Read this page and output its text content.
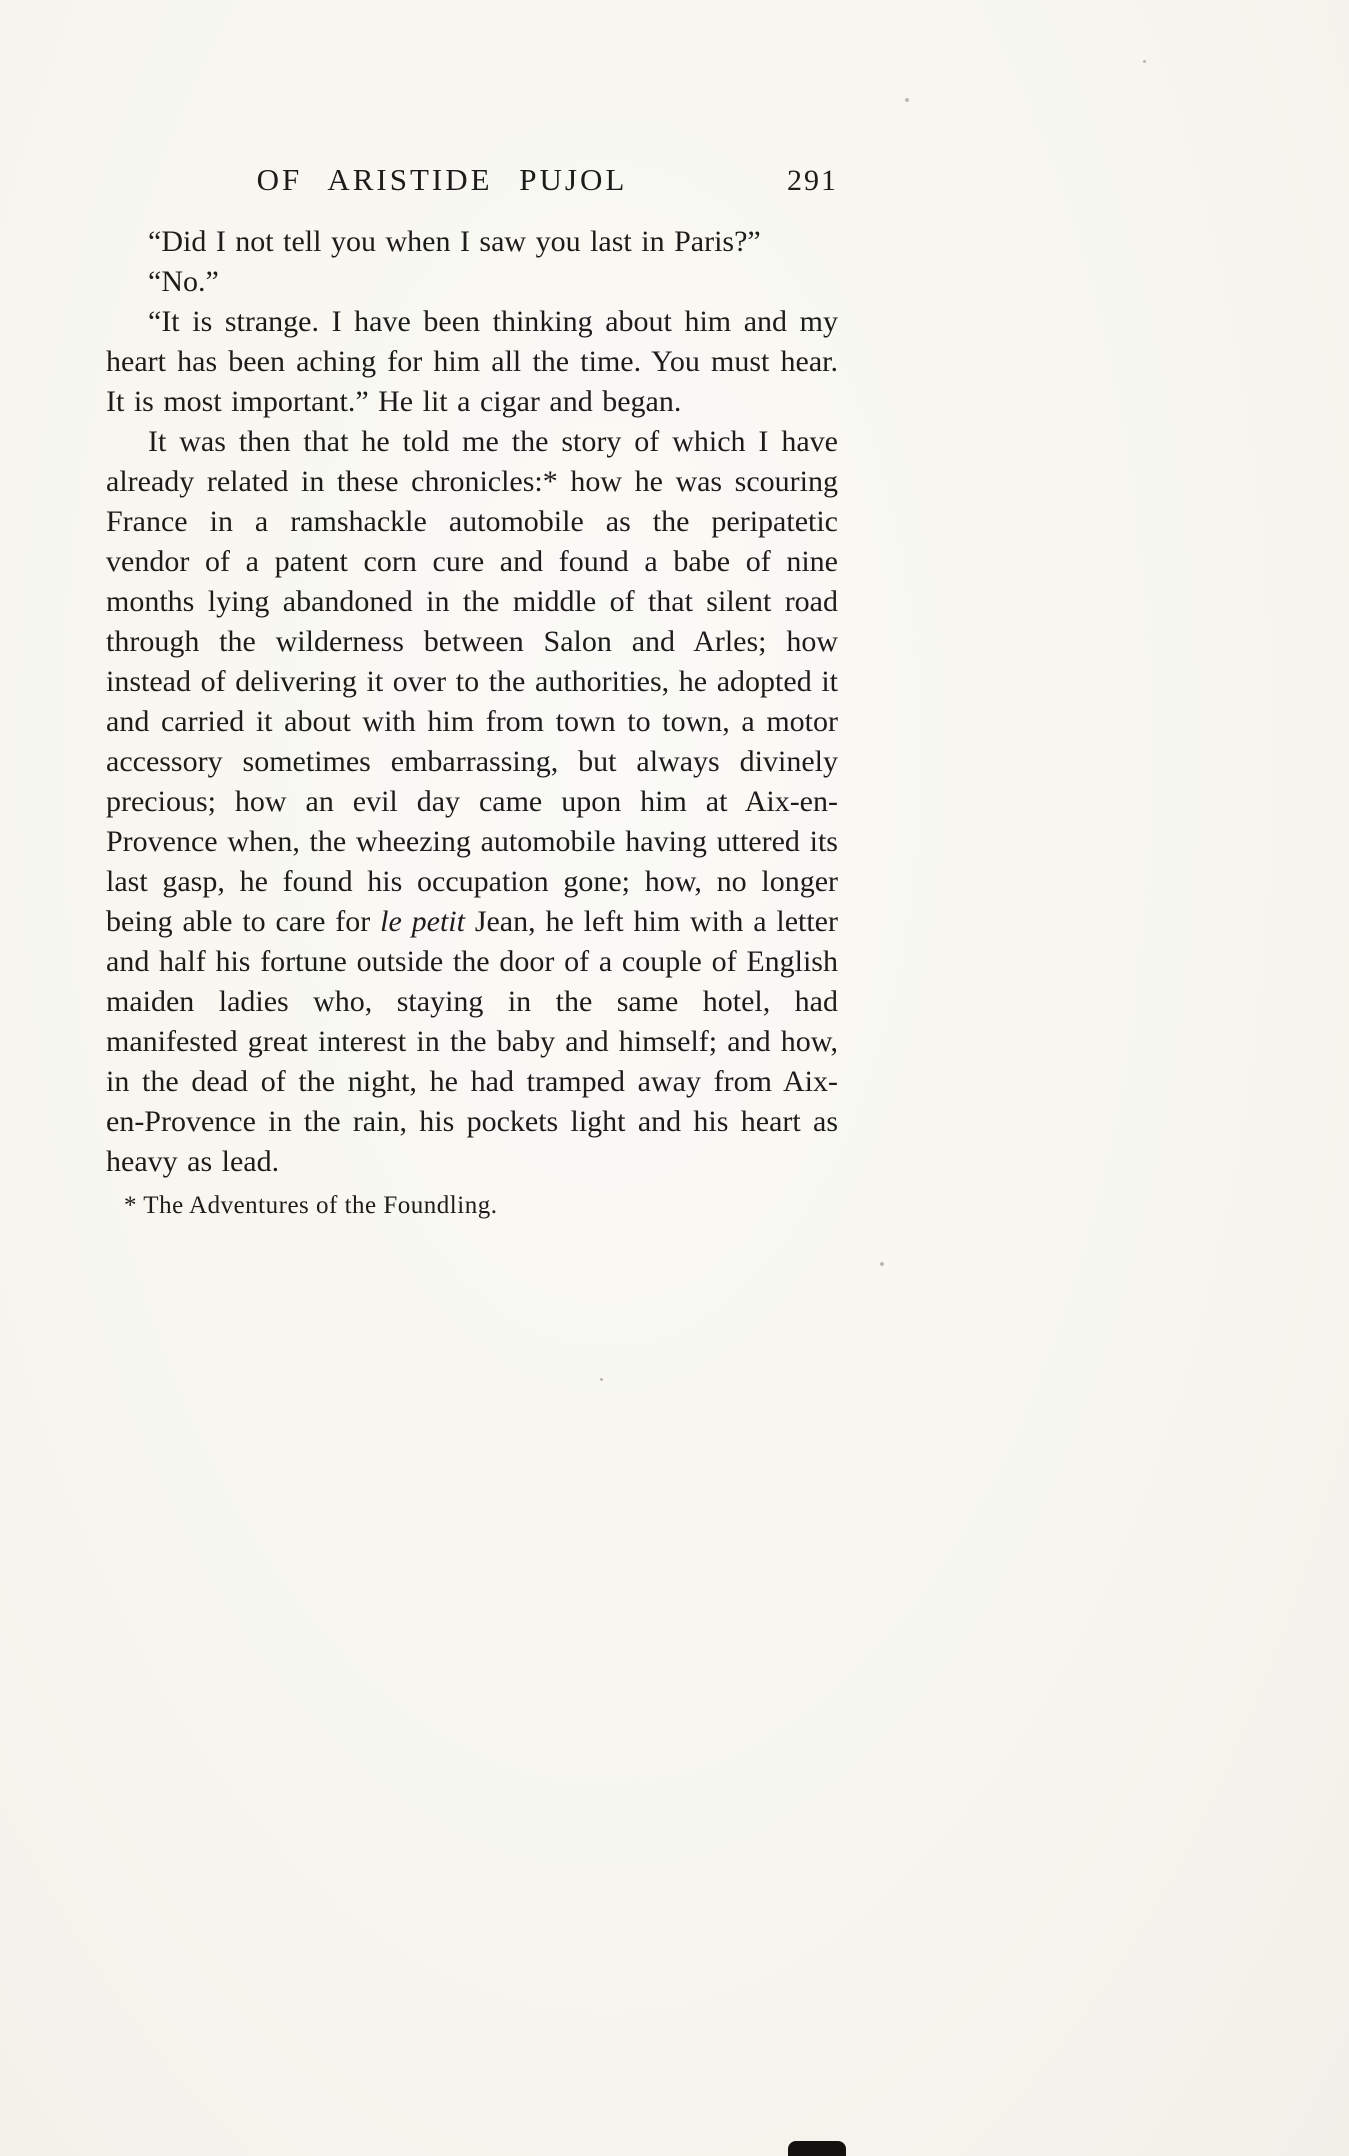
OF ARISTIDE PUJOL	291

“Did I not tell you when I saw you last in Paris?”

“No.”

“It is strange. I have been thinking about him and my heart has been aching for him all the time. You must hear. It is most important.” He lit a cigar and began.

It was then that he told me the story of which I have already related in these chronicles:* how he was scouring France in a ramshackle automobile as the peripatetic vendor of a patent corn cure and found a babe of nine months lying abandoned in the middle of that silent road through the wilderness between Salon and Arles; how instead of delivering it over to the authorities, he adopted it and carried it about with him from town to town, a motor accessory sometimes embarrassing, but always divinely precious; how an evil day came upon him at Aix-en-Provence when, the wheezing automobile having uttered its last gasp, he found his occupation gone; how, no longer being able to care for le petit Jean, he left him with a letter and half his fortune outside the door of a couple of English maiden ladies who, staying in the same hotel, had manifested great interest in the baby and himself; and how, in the dead of the night, he had tramped away from Aix-en-Provence in the rain, his pockets light and his heart as heavy as lead.

* The Adventures of the Foundling.
